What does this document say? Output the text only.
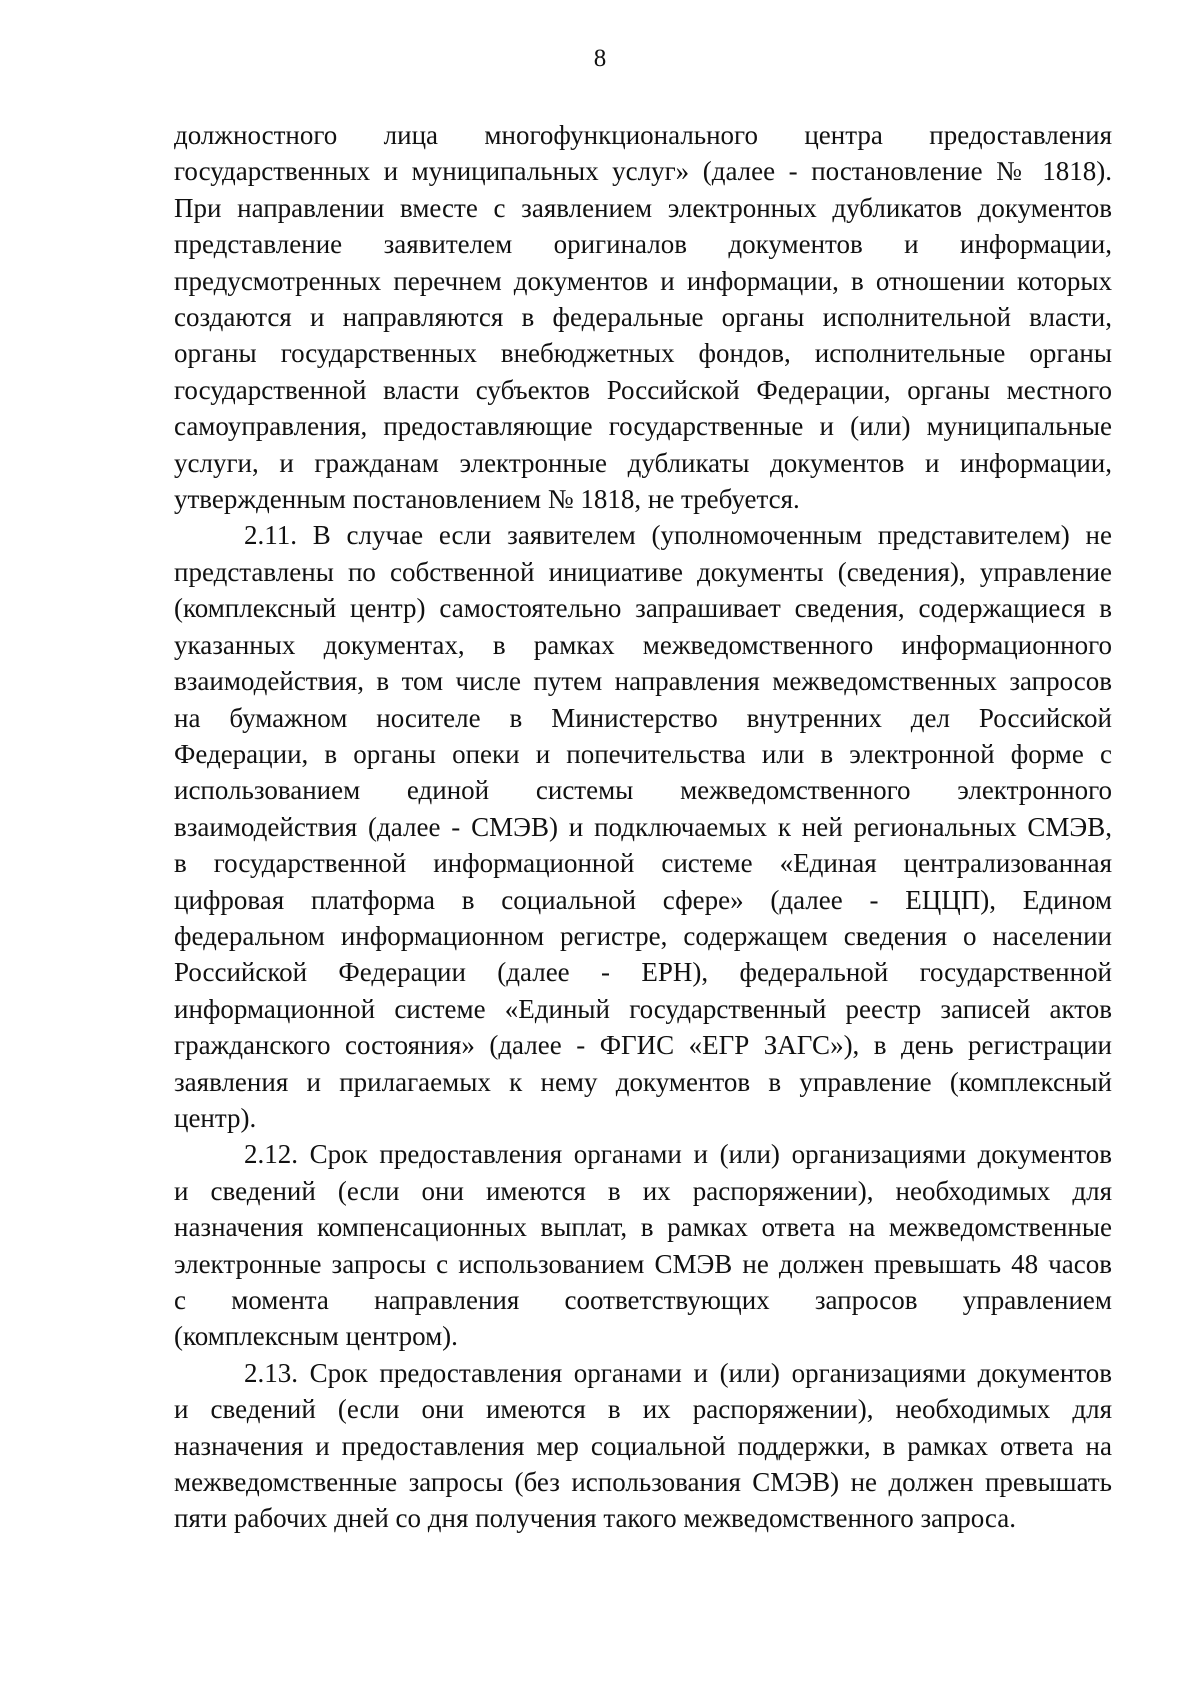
8

должностного лица многофункционального центра предоставления
государственных и муниципальных услуг» (далее - постановление № 1818).
При направлении вместе с заявлением электронных дубликатов документов
представление заявителем оригиналов документов и информации,
предусмотренных перечнем документов и информации, в отношении которых
создаются и направляются в федеральные органы исполнительной власти,
органы государственных внебюджетных фондов, исполнительные органы
государственной власти субъектов Российской Федерации, органы местного
самоуправления, предоставляющие государственные и (или) муниципальные
услуги, и гражданам электронные дубликаты документов и информации,
утвержденным постановлением № 1818, не требуется.

2.11. В случае если заявителем (уполномоченным представителем) не
представлены по собственной инициативе документы (сведения), управление
(комплексный центр) самостоятельно запрашивает сведения, содержащиеся в
указанных документах, в рамках межведомственного информационного
взаимодействия, в том числе путем направления межведомственных запросов
на бумажном носителе в Министерство внутренних дел Российской
Федерации, в органы опеки и попечительства или в электронной форме с
использованием единой системы межведомственного электронного
взаимодействия (далее - СМЭВ) и подключаемых к ней региональных СМЭВ,
в государственной информационной системе «Единая централизованная
цифровая платформа в социальной сфере» (далее - ЕЦЦП), Едином
федеральном информационном регистре, содержащем сведения о населении
Российской Федерации (далее - ЕРН), федеральной государственной
информационной системе «Единый государственный реестр записей актов
гражданского состояния» (далее - ФГИС «ЕГР ЗАГС»), в день регистрации
заявления и прилагаемых к нему документов в управление (комплексный
центр).

2.12. Срок предоставления органами и (или) организациями документов
и сведений (если они имеются в их распоряжении), необходимых для
назначения компенсационных выплат, в рамках ответа на межведомственные
электронные запросы с использованием СМЭВ не должен превышать 48 часов
с момента направления соответствующих запросов управлением
(комплексным центром).

2.13. Срок предоставления органами и (или) организациями документов
и сведений (если они имеются в их распоряжении), необходимых для
назначения и предоставления мер социальной поддержки, в рамках ответа на
межведомственные запросы (без использования СМЭВ) не должен превышать
пяти рабочих дней со дня получения такого межведомственного запроса.
